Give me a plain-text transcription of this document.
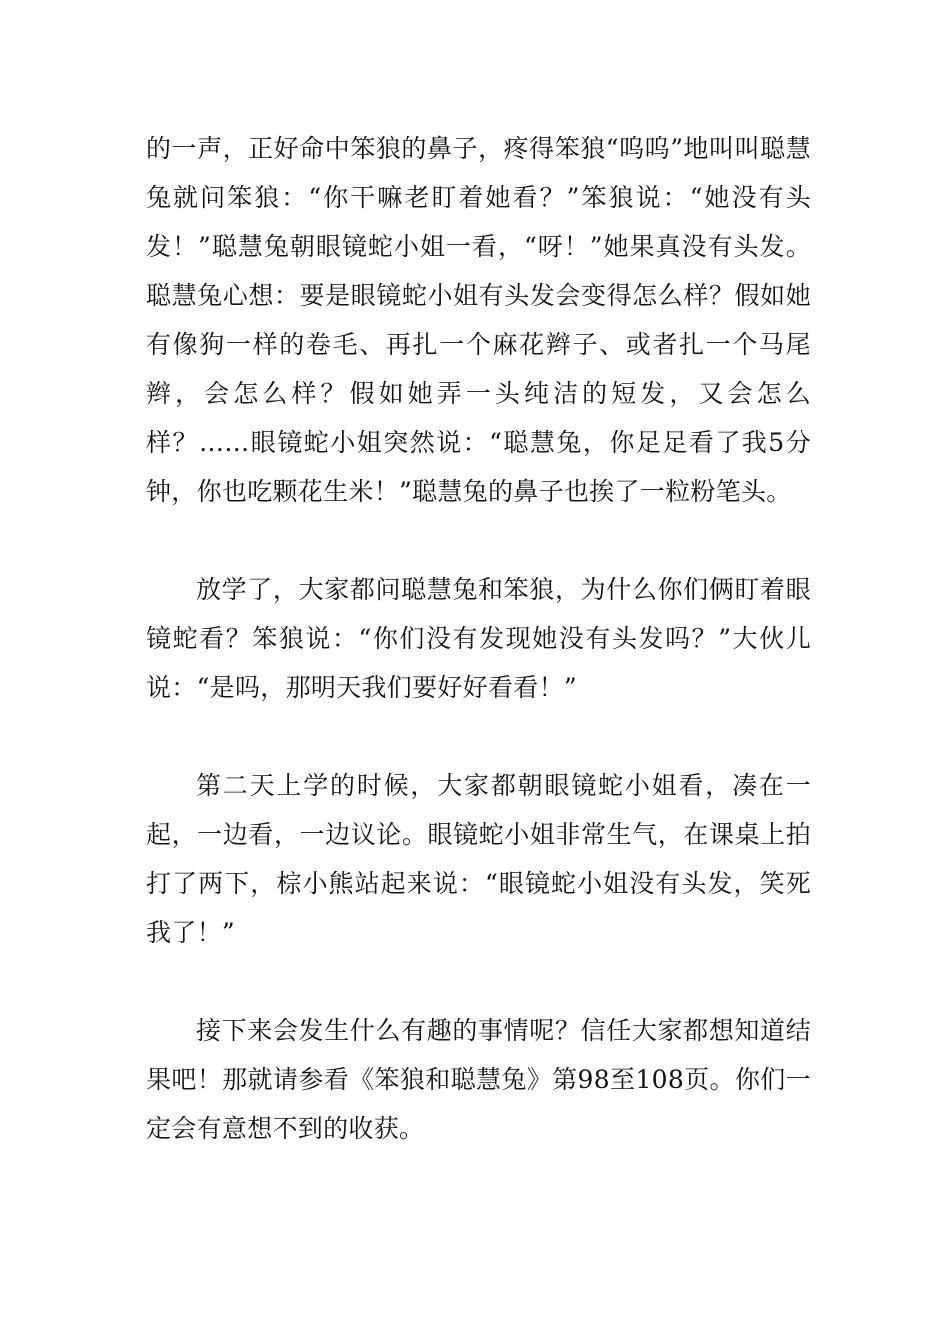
的一声，正好命中笨狼的鼻子，疼得笨狼“呜呜”地叫叫聪慧兔就问笨狼：“你干嘛老盯着她看？”笨狼说：“她没有头发！”聪慧兔朝眼镜蛇小姐一看，“呀！”她果真没有头发。聪慧兔心想：要是眼镜蛇小姐有头发会变得怎么样？假如她有像狗一样的卷毛、再扎一个麻花辫子、或者扎一个马尾辫，会怎么样？假如她弄一头纯洁的短发，又会怎么样？……眼镜蛇小姐突然说：“聪慧兔，你足足看了我5分钟，你也吃颗花生米！”聪慧兔的鼻子也挨了一粒粉笔头。

放学了，大家都问聪慧兔和笨狼，为什么你们俩盯着眼镜蛇看？笨狼说：“你们没有发现她没有头发吗？”大伙儿说：“是吗，那明天我们要好好看看！”

第二天上学的时候，大家都朝眼镜蛇小姐看，凑在一起，一边看，一边议论。眼镜蛇小姐非常生气，在课桌上拍打了两下，棕小熊站起来说：“眼镜蛇小姐没有头发，笑死我了！”

接下来会发生什么有趣的事情呢？信任大家都想知道结果吧！那就请参看《笨狼和聪慧兔》第98至108页。你们一定会有意想不到的收获。
